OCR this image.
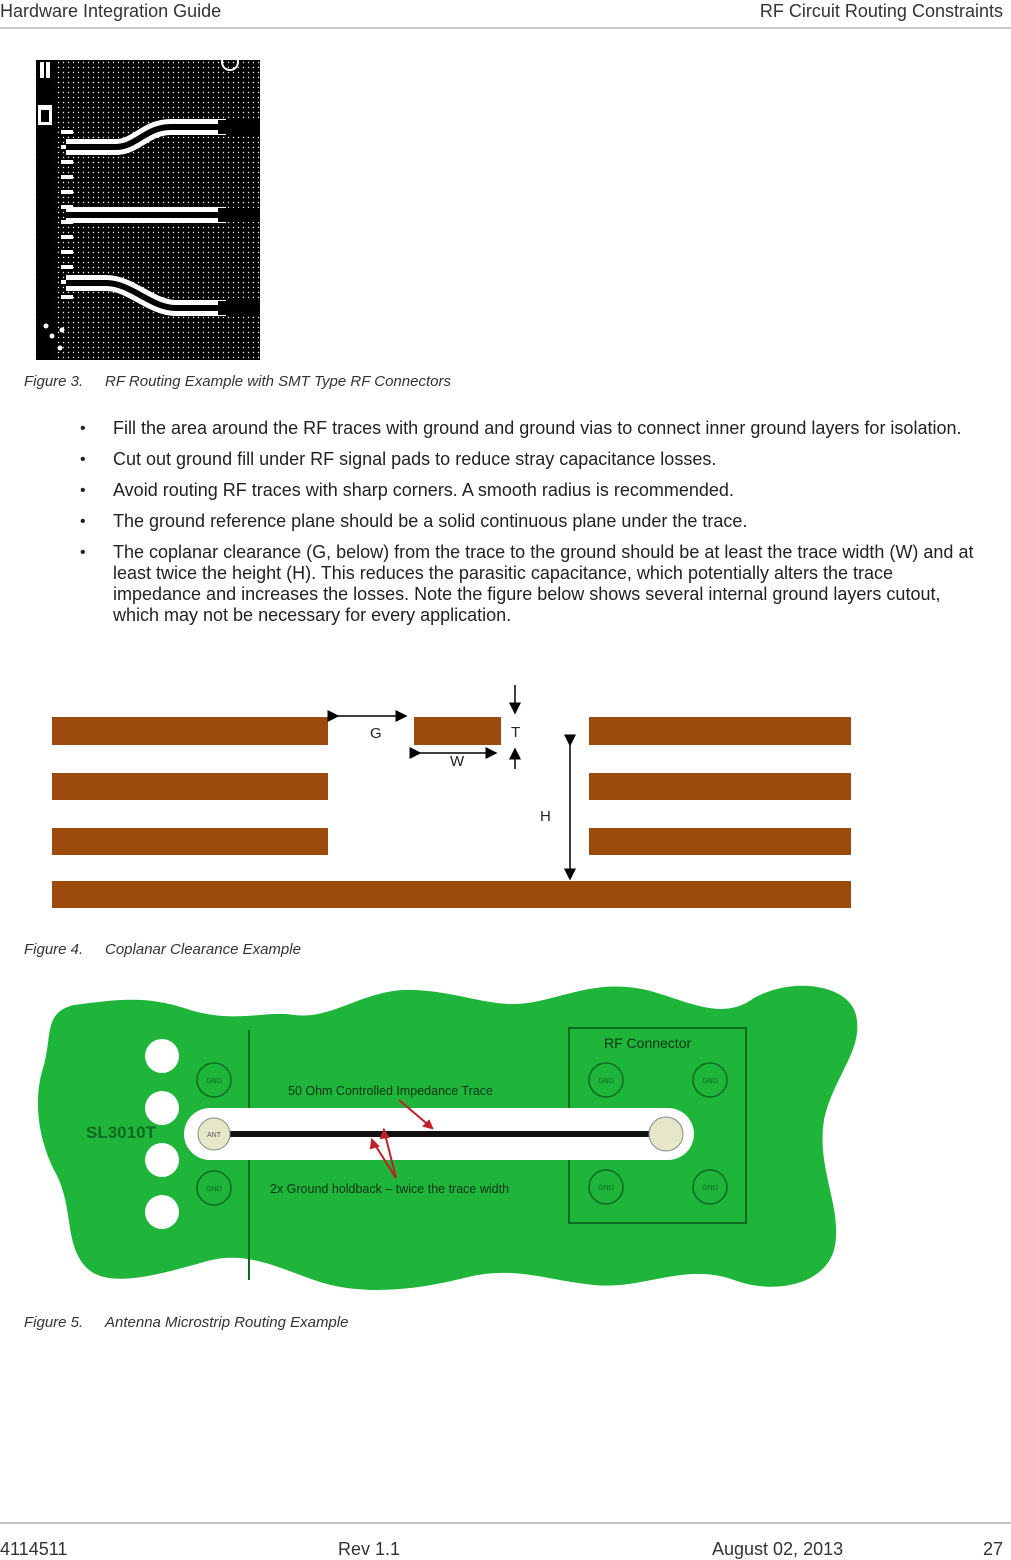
Hardware Integration Guide	RF Circuit Routing Constraints
Figure 3. RF Routing Example with SMT Type RF Connectors
• Fill the area around the RF traces with ground and ground vias to connect inner ground layers for isolation.
• Cut out ground fill under RF signal pads to reduce stray capacitance losses.
• Avoid routing RF traces with sharp corners. A smooth radius is recommended.
• The ground reference plane should be a solid continuous plane under the trace.
• The coplanar clearance (G, below) from the trace to the ground should be at least the trace width (W) and at least twice the height (H). This reduces the parasitic capacitance, which potentially alters the trace impedance and increases the losses. Note the figure below shows several internal ground layers cutout, which may not be necessary for every application.
G
W
T
H
Figure 4. Coplanar Clearance Example
GND
GND
GND	GND
GND	GND
ANT
SL3010T
RF Connector
50 Ohm Controlled Impedance Trace
2x Ground holdback – twice the trace width
Figure 5. Antenna Microstrip Routing Example
4114511	Rev 1.1	August 02, 2013	27
